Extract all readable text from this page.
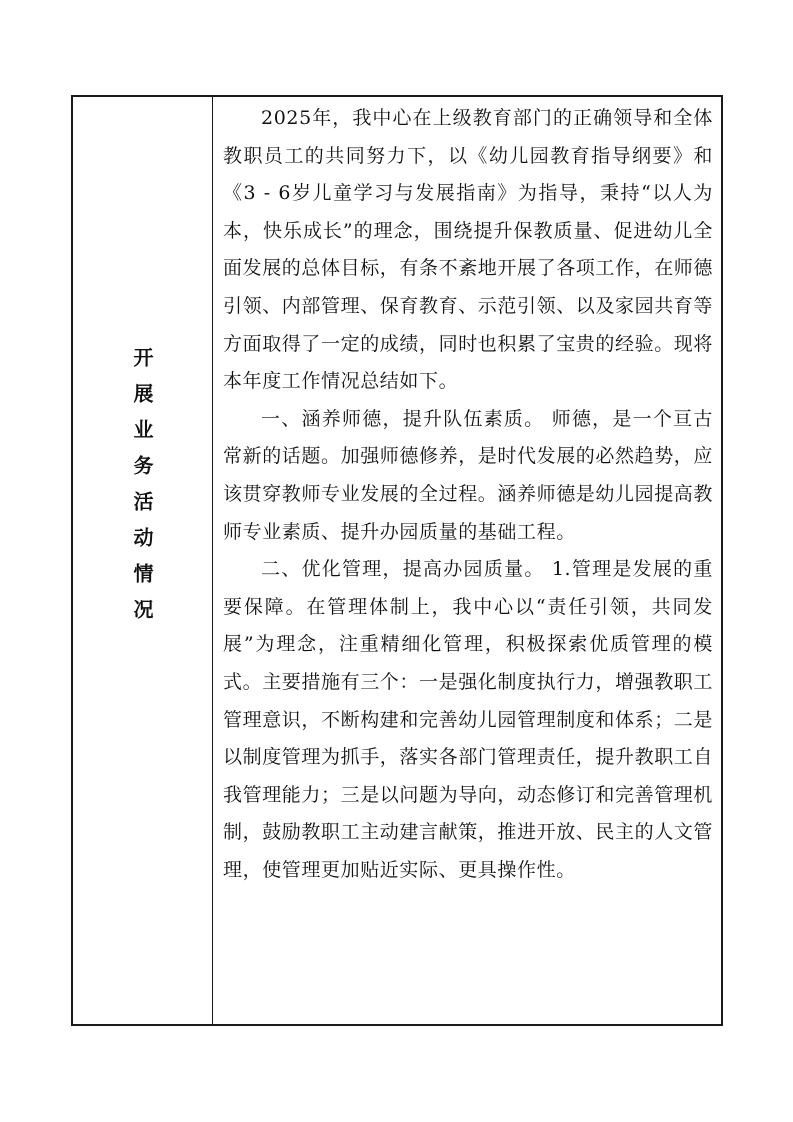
开展业务活动情况

2025年，我中心在上级教育部门的正确领导和全体教职员工的共同努力下，以《幼儿园教育指导纲要》和《3 - 6岁儿童学习与发展指南》为指导，秉持“以人为本，快乐成长”的理念，围绕提升保教质量、促进幼儿全面发展的总体目标，有条不紊地开展了各项工作，在师德引领、内部管理、保育教育、示范引领、以及家园共育等方面取得了一定的成绩，同时也积累了宝贵的经验。现将本年度工作情况总结如下。

一、涵养师德，提升队伍素质。 师德，是一个亘古常新的话题。加强师德修养，是时代发展的必然趋势，应该贯穿教师专业发展的全过程。涵养师德是幼儿园提高教师专业素质、提升办园质量的基础工程。

二、优化管理，提高办园质量。 1.管理是发展的重要保障。在管理体制上，我中心以“责任引领，共同发展”为理念，注重精细化管理，积极探索优质管理的模式。主要措施有三个：一是强化制度执行力，增强教职工管理意识，不断构建和完善幼儿园管理制度和体系；二是以制度管理为抓手，落实各部门管理责任，提升教职工自我管理能力；三是以问题为导向，动态修订和完善管理机制，鼓励教职工主动建言献策，推进开放、民主的人文管理，使管理更加贴近实际、更具操作性。
